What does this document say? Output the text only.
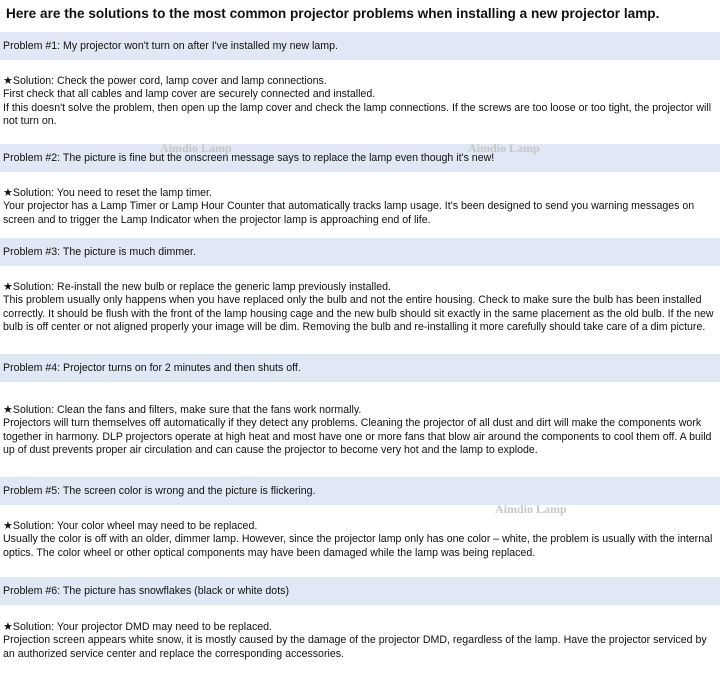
Here are the solutions to the most common projector problems when installing a new projector lamp.
Problem #1: My projector won't turn on after I've installed my new lamp.

★Solution: Check the power cord, lamp cover and lamp connections.

First check that all cables and lamp cover are securely connected and installed.

If this doesn't solve the problem, then open up the lamp cover and check the lamp connections. If the screws are too loose or too tight, the projector will not turn on.

Problem #2: The picture is fine but the onscreen message says to replace the lamp even though it's new!

★Solution: You need to reset the lamp timer.

Your projector has a Lamp Timer or Lamp Hour Counter that automatically tracks lamp usage. It's been designed to send you warning messages on screen and to trigger the Lamp Indicator when the projector lamp is approaching end of life.

Problem #3: The picture is much dimmer.

★Solution: Re-install the new bulb or replace the generic lamp previously installed.

This problem usually only happens when you have replaced only the bulb and not the entire housing. Check to make sure the bulb has been installed correctly. It should be flush with the front of the lamp housing cage and the new bulb should sit exactly in the same placement as the old bulb. If the new bulb is off center or not aligned properly your image will be dim. Removing the bulb and re-installing it more carefully should take care of a dim picture.

Problem #4: Projector turns on for 2 minutes and then shuts off.

★Solution: Clean the fans and filters, make sure that the fans work normally.

Projectors will turn themselves off automatically if they detect any problems. Cleaning the projector of all dust and dirt will make the components work together in harmony. DLP projectors operate at high heat and most have one or more fans that blow air around the components to cool them off. A build up of dust prevents proper air circulation and can cause the projector to become very hot and the lamp to explode.

Problem #5: The screen color is wrong and the picture is flickering.

★Solution: Your color wheel may need to be replaced.

Usually the color is off with an older, dimmer lamp. However, since the projector lamp only has one color – white, the problem is usually with the internal optics. The color wheel or other optical components may have been damaged while the lamp was being replaced.

Problem #6: The picture has snowflakes (black or white dots)

★Solution: Your projector DMD may need to be replaced.

Projection screen appears white snow, it is mostly caused by the damage of the projector DMD, regardless of the lamp. Have the projector serviced by an authorized service center and replace the corresponding accessories.

Aimdio Lamp	Aimdio Lamp
Aimdio Lamp
